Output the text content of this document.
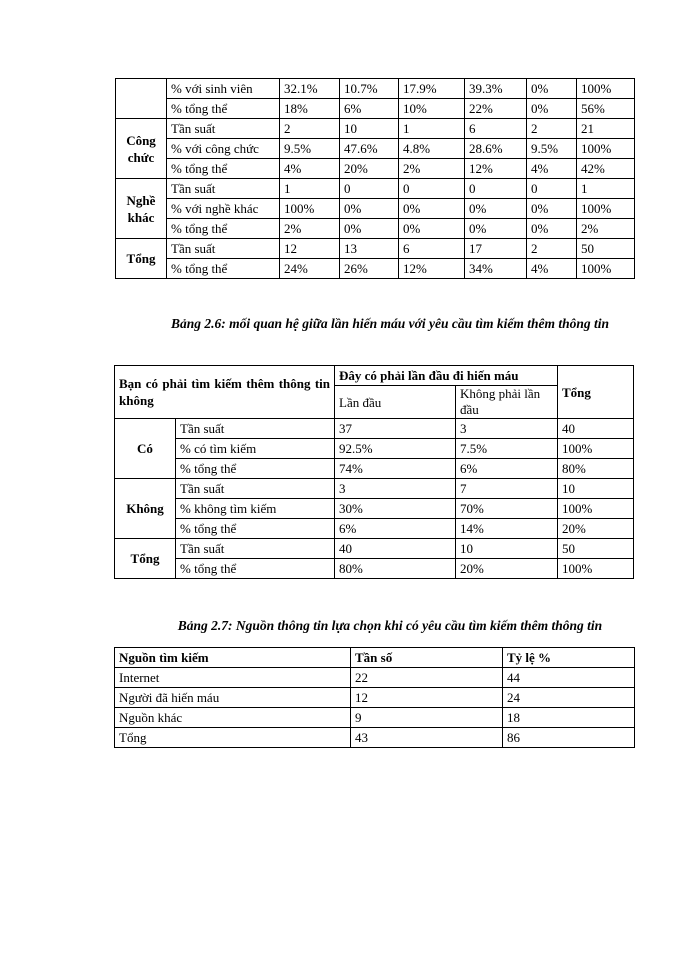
	% với sinh viên	32.1%	10.7%	17.9%	39.3%	0%	100%
	% tổng thể	18%	6%	10%	22%	0%	56%
Công chức	Tần suất	2	10	1	6	2	21
	% với công chức	9.5%	47.6%	4.8%	28.6%	9.5%	100%
	% tổng thể	4%	20%	2%	12%	4%	42%
Nghề khác	Tần suất	1	0	0	0	0	1
	% với nghề khác	100%	0%	0%	0%	0%	100%
	% tổng thể	2%	0%	0%	0%	0%	2%
Tổng	Tần suất	12	13	6	17	2	50
	% tổng thể	24%	26%	12%	34%	4%	100%
Bảng 2.6: mối quan hệ giữa lần hiến máu với yêu cầu tìm kiếm thêm thông tin
Bạn có phải tìm kiếm thêm thông tin không		Đây có phải lần đầu đi hiến máu		Tổng
		Lần đầu	Không phải lần đầu	
Có	Tần suất	37	3	40
	% có tìm kiếm	92.5%	7.5%	100%
	% tổng thể	74%	6%	80%
Không	Tần suất	3	7	10
	% không tìm kiếm	30%	70%	100%
	% tổng thể	6%	14%	20%
Tổng	Tần suất	40	10	50
	% tổng thể	80%	20%	100%
Bảng 2.7: Nguồn thông tin lựa chọn khi có yêu cầu tìm kiếm thêm thông tin
Nguồn tìm kiếm	Tần số	Tỷ lệ %
Internet	22	44
Người đã hiến máu	12	24
Nguồn khác	9	18
Tổng	43	86
